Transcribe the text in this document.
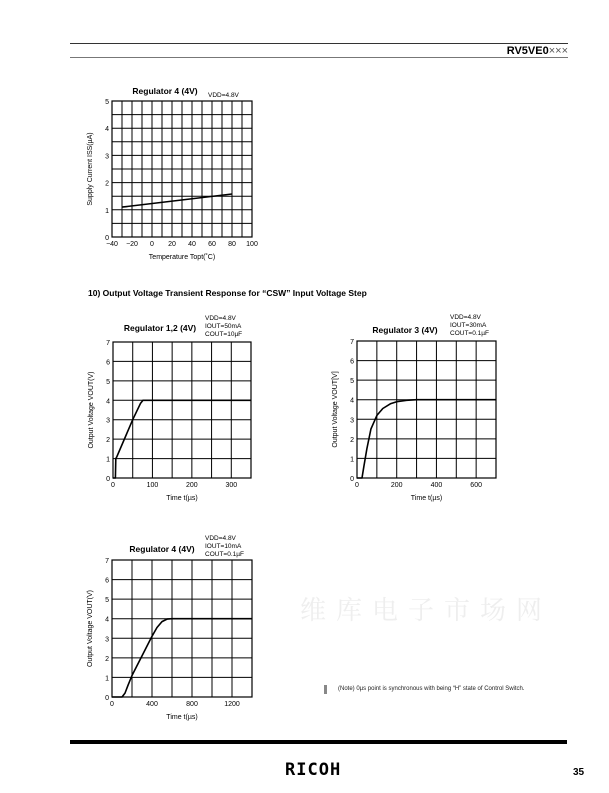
RV5VE0×××
维库电子市场网
10) Output Voltage Transient Response for “CSW” Input Voltage Step
−40 −20 0 20 40 60 80 100
0
1
2
3
4
5
Temperature Topt(˚C)
Supply Current ISS(µA)
Regulator 4 (4V) VDD=4.8V
0	100	200	300
0
1
2
3
4
5
6
7
Time t(µs)
Output Voltage VOUT(V)
Regulator 1,2 (4V)
VDD=4.8V
IOUT=50mA
COUT=10µF
0	200	400	600
0
1
2
3
4
5
6
7
Time t(µs)
Output Voltage VOUT[V]
Regulator 3 (4V)
VDD=4.8V
IOUT=30mA
COUT=0.1µF
0	400	800	1200
0
1
2
3
4
5
6
7
Time t(µs)
Output Voltage VOUT(V)
Regulator 4 (4V)
VDD=4.8V
IOUT=10mA
COUT=0.1µF
(Note) 0µs point is synchronous with being “H” state of Control Switch.
RICOH	35
